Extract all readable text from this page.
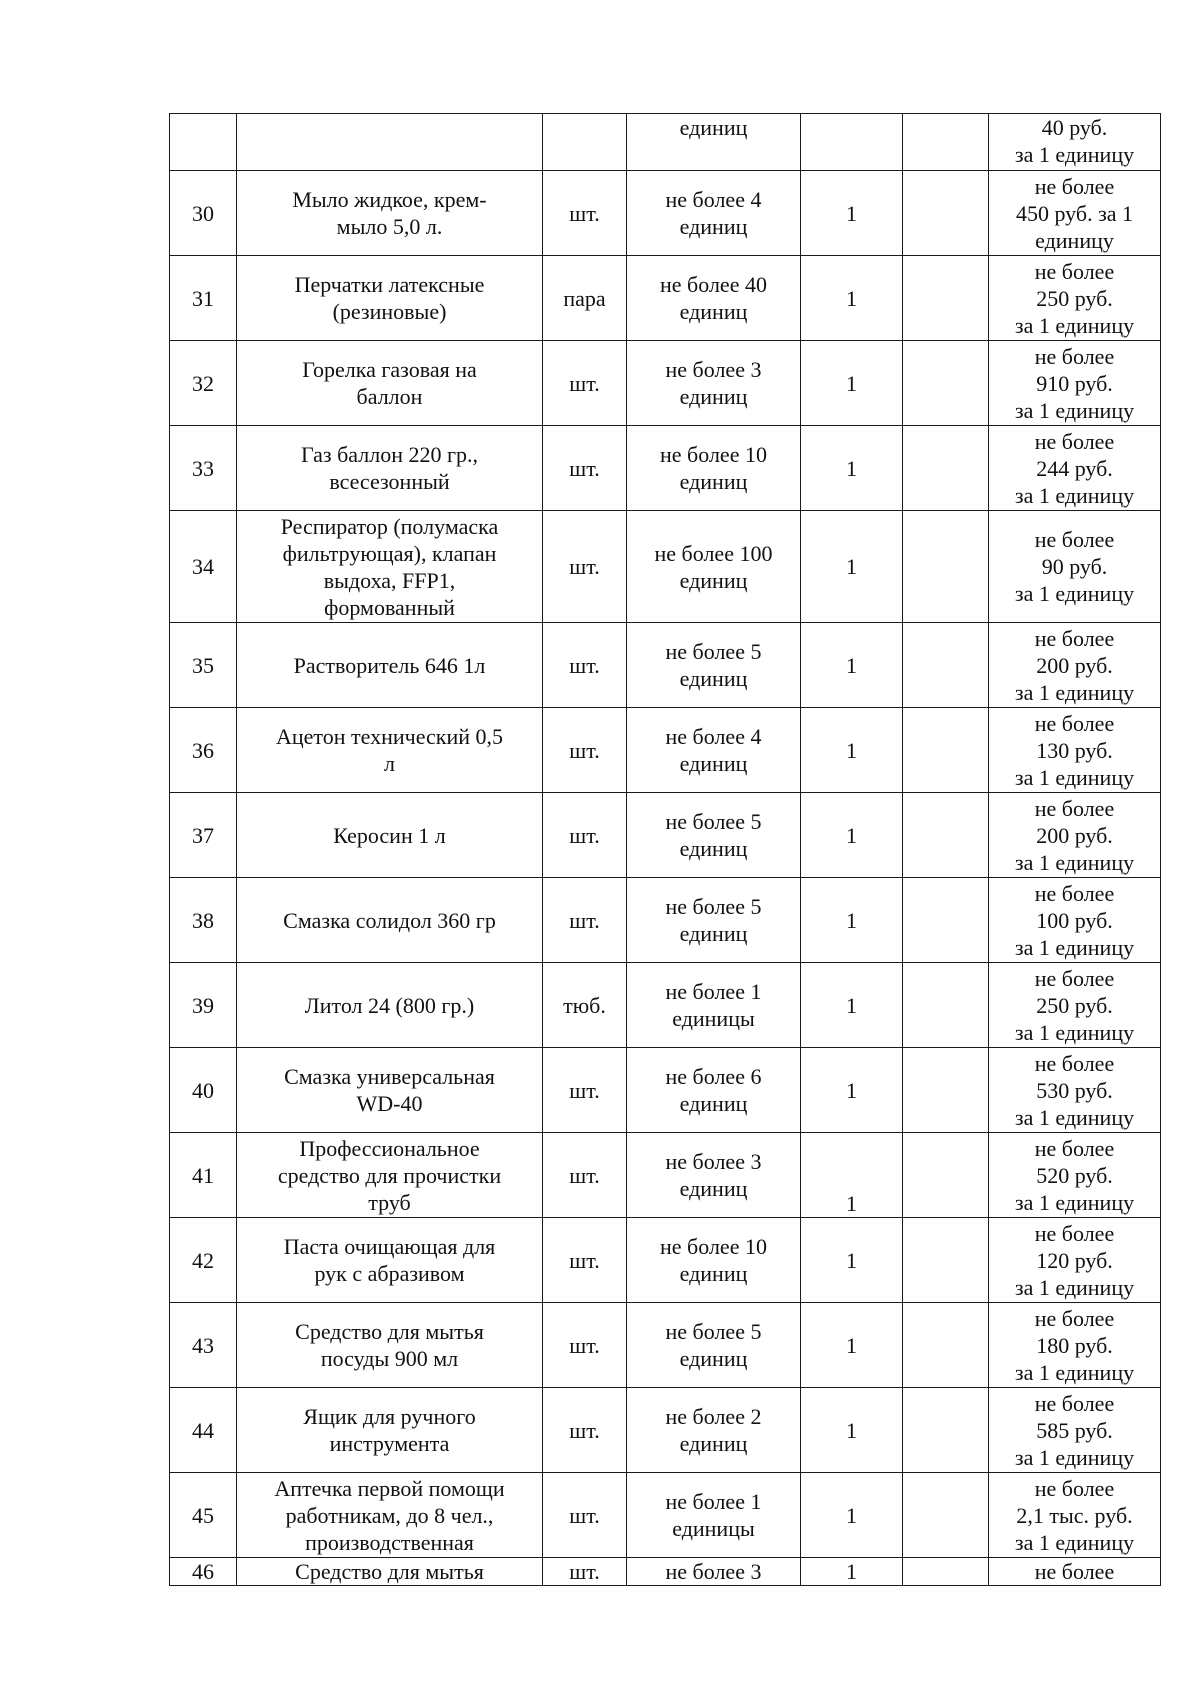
			единиц			40 руб.
за 1 единицу

30	Мыло жидкое, крем-
мыло 5,0 л.	шт.	не более 4
единиц	1		не более
450 руб. за 1
единицу

31	Перчатки латексные
(резиновые)	пара	не более 40
единиц	1		не более
250 руб.
за 1 единицу

32	Горелка газовая на
баллон	шт.	не более 3
единиц	1		не более
910 руб.
за 1 единицу

33	Газ баллон 220 гр.,
всесезонный	шт.	не более 10
единиц	1		не более
244 руб.
за 1 единицу

34	Респиратор (полумаска
фильтрующая), клапан
выдоха, FFP1,
формованный	шт.	не более 100
единиц	1		не более
90 руб.
за 1 единицу

35	Растворитель 646 1л	шт.	не более 5
единиц	1		не более
200 руб.
за 1 единицу

36	Ацетон технический 0,5
л	шт.	не более 4
единиц	1		не более
130 руб.
за 1 единицу

37	Керосин 1 л	шт.	не более 5
единиц	1		не более
200 руб.
за 1 единицу

38	Смазка солидол 360 гр	шт.	не более 5
единиц	1		не более
100 руб.
за 1 единицу

39	Литол 24 (800 гр.)	тюб.	не более 1
единицы	1		не более
250 руб.
за 1 единицу

40	Смазка универсальная
WD-40	шт.	не более 6
единиц	1		не более
530 руб.
за 1 единицу

41	Профессиональное
средство для прочистки
труб	шт.	не более 3
единиц	1		не более
520 руб.
за 1 единицу

42	Паста очищающая для
рук с абразивом	шт.	не более 10
единиц	1		не более
120 руб.
за 1 единицу

43	Средство для мытья
посуды 900 мл	шт.	не более 5
единиц	1		не более
180 руб.
за 1 единицу

44	Ящик для ручного
инструмента	шт.	не более 2
единиц	1		не более
585 руб.
за 1 единицу

45	Аптечка первой помощи
работникам, до 8 чел.,
производственная	шт.	не более 1
единицы	1		не более
2,1 тыс. руб.
за 1 единицу

46	Средство для мытья	шт.	не более 3	1		не более
